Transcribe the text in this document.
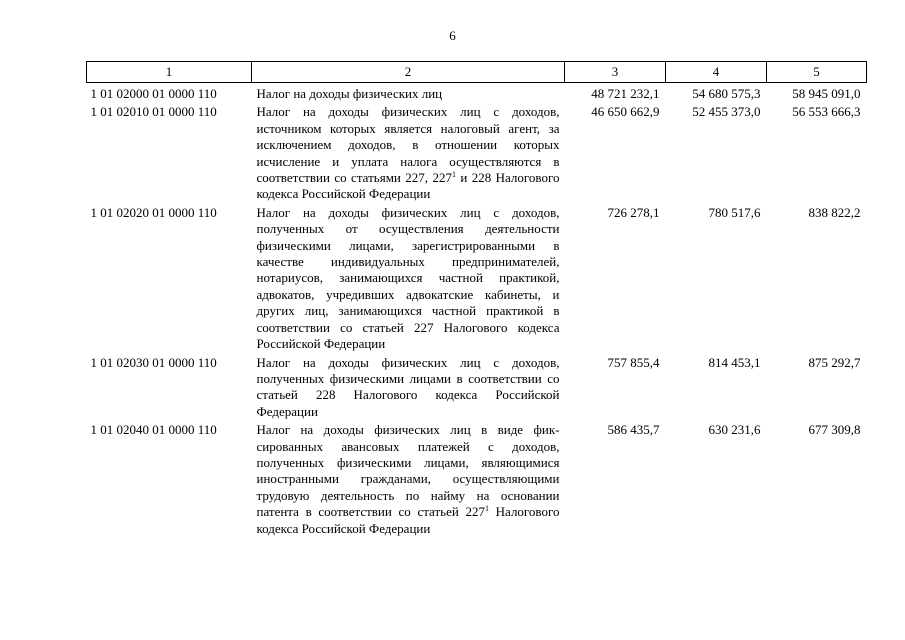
6
1	2	3	4	5
1 01 02000 01 0000 110	Налог на доходы физических лиц	48 721 232,1	54 680 575,3	58 945 091,0
1 01 02010 01 0000 110	Налог на доходы физических лиц с доходов, источником которых является налоговый агент, за исключением доходов, в отношении которых исчисление и уплата налога осуществляются в соответствии со статьями 227, $227^1$ и 228 Налогового кодекса Российской Федерации	46 650 662,9	52 455 373,0	56 553 666,3
1 01 02020 01 0000 110	Налог на доходы физических лиц с доходов, полученных от осуществления деятельности физическими лицами, зарегистрированными в качестве индивидуальных предпринимателей, нотариусов, занимающихся частной практикой, адвокатов, учредивших адвокатские кабинеты, и других лиц, занимающихся частной практикой в соответствии со статьей 227 Налогового кодекса Российской Федерации	726 278,1	780 517,6	838 822,2
1 01 02030 01 0000 110	Налог на доходы физических лиц с доходов, полученных физическими лицами в соответствии со статьей 228 Налогового кодекса Российской Федерации	757 855,4	814 453,1	875 292,7
1 01 02040 01 0000 110	Налог на доходы физических лиц в виде фиксированных авансовых платежей с доходов, полученных физическими лицами, являющимися иностранными гражданами, осуществляющими трудовую деятельность по найму на основании патента в соответствии со статьей $227^1$ Налогового кодекса Российской Федерации	586 435,7	630 231,6	677 309,8
